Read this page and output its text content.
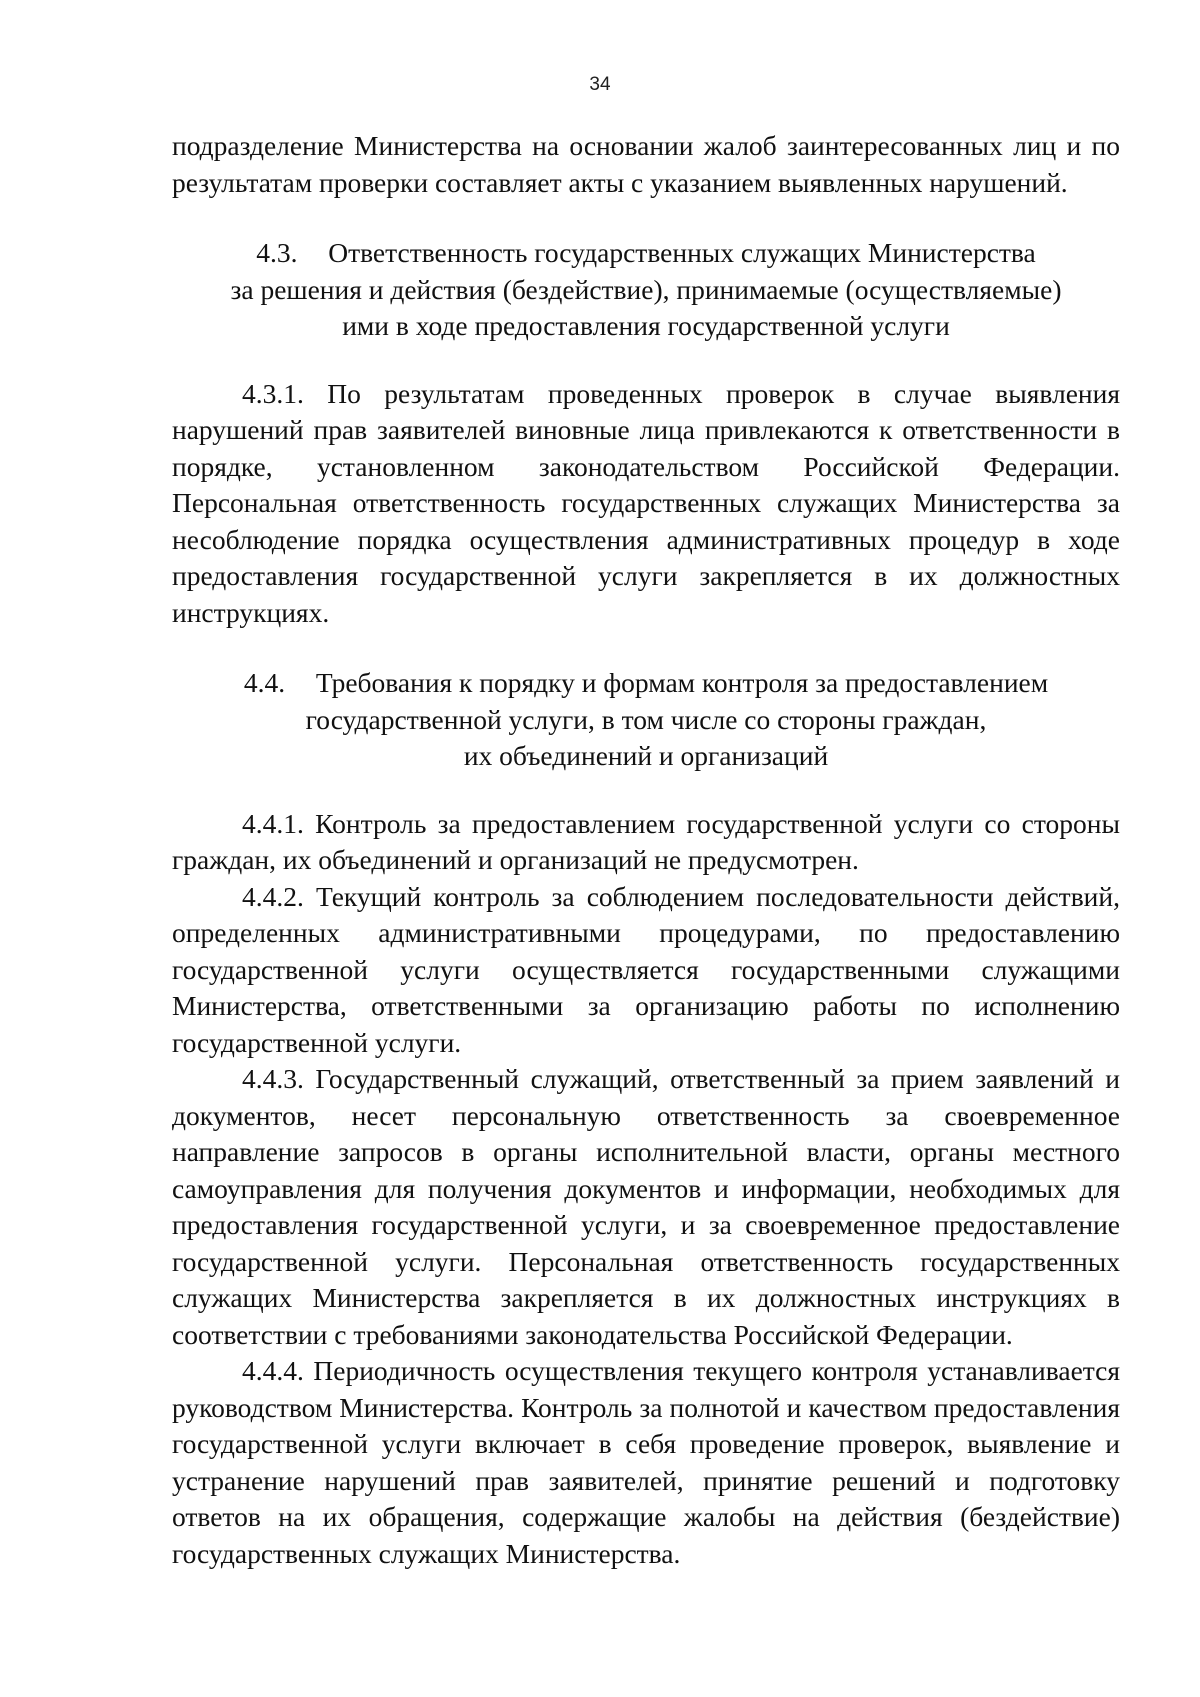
34

подразделение Министерства на основании жалоб заинтересованных лиц и по результатам проверки составляет акты с указанием выявленных нарушений.

4.3. Ответственность государственных служащих Министерства
за решения и действия (бездействие), принимаемые (осуществляемые)
ими в ходе предоставления государственной услуги

4.3.1. По результатам проведенных проверок в случае выявления нарушений прав заявителей виновные лица привлекаются к ответственности в порядке, установленном законодательством Российской Федерации. Персональная ответственность государственных служащих Министерства за несоблюдение порядка осуществления административных процедур в ходе предоставления государственной услуги закрепляется в их должностных инструкциях.

4.4. Требования к порядку и формам контроля за предоставлением
государственной услуги, в том числе со стороны граждан,
их объединений и организаций

4.4.1. Контроль за предоставлением государственной услуги со стороны граждан, их объединений и организаций не предусмотрен.

4.4.2. Текущий контроль за соблюдением последовательности действий, определенных административными процедурами, по предоставлению государственной услуги осуществляется государственными служащими Министерства, ответственными за организацию работы по исполнению государственной услуги.

4.4.3. Государственный служащий, ответственный за прием заявлений и документов, несет персональную ответственность за своевременное направление запросов в органы исполнительной власти, органы местного самоуправления для получения документов и информации, необходимых для предоставления государственной услуги, и за своевременное предоставление государственной услуги. Персональная ответственность государственных служащих Министерства закрепляется в их должностных инструкциях в соответствии с требованиями законодательства Российской Федерации.

4.4.4. Периодичность осуществления текущего контроля устанавливается руководством Министерства. Контроль за полнотой и качеством предоставления государственной услуги включает в себя проведение проверок, выявление и устранение нарушений прав заявителей, принятие решений и подготовку ответов на их обращения, содержащие жалобы на действия (бездействие) государственных служащих Министерства.
